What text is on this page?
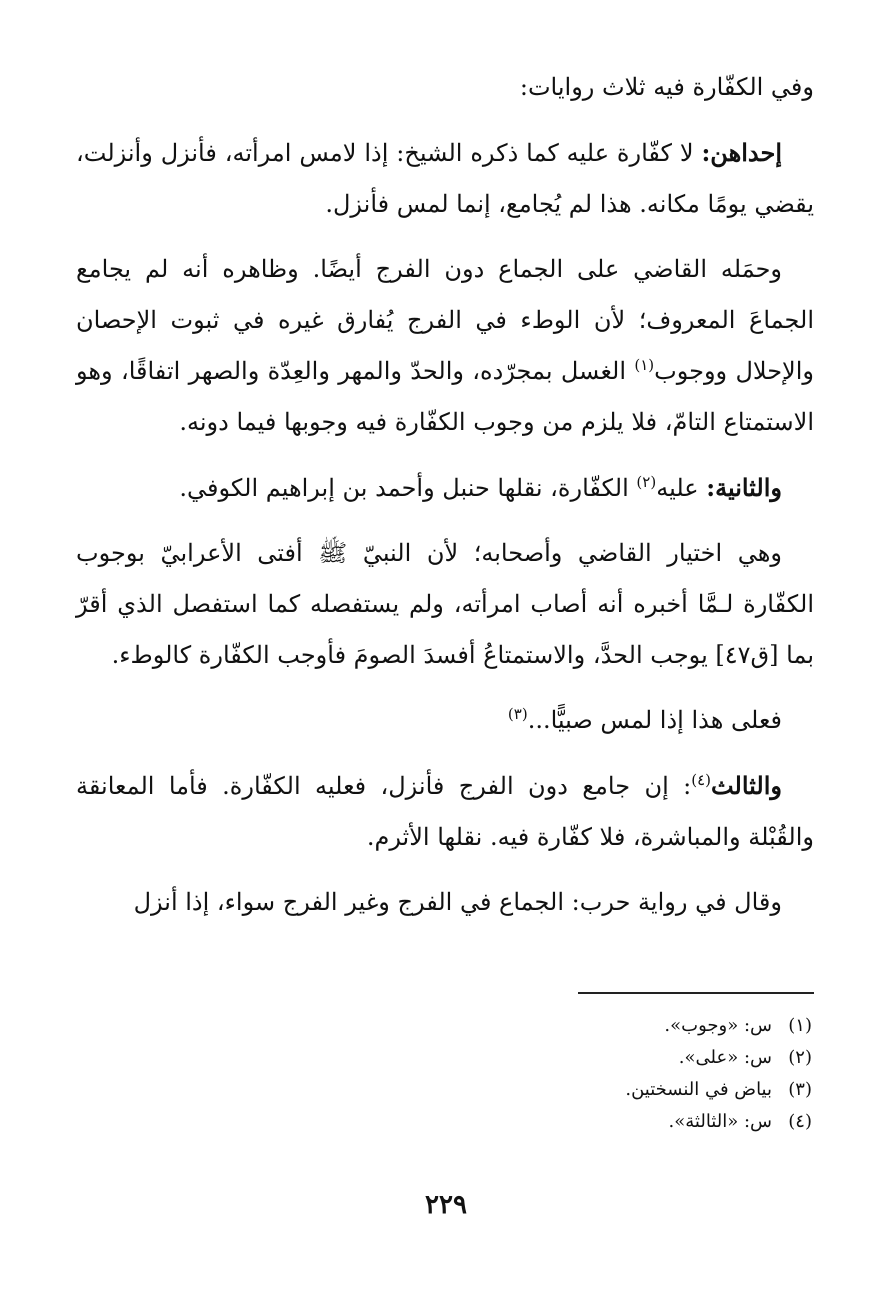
وفي الكفّارة فيه ثلاث روايات:

إحداهن: لا كفّارة عليه كما ذكره الشيخ: إذا لامس امرأته، فأنزل وأنزلت، يقضي يومًا مكانه. هذا لم يُجامع، إنما لمس فأنزل.

وحمَله القاضي على الجماع دون الفرج أيضًا. وظاهره أنه لم يجامع الجماعَ المعروف؛ لأن الوطء في الفرج يُفارق غيره في ثبوت الإحصان والإحلال ووجوب$^{(١)}$ الغسل بمجرّده، والحدّ والمهر والعِدّة والصهر اتفاقًا، وهو الاستمتاع التامّ، فلا يلزم من وجوب الكفّارة فيه وجوبها فيما دونه.

والثانية: عليه$^{(٢)}$ الكفّارة، نقلها حنبل وأحمد بن إبراهيم الكوفي.

وهي اختيار القاضي وأصحابه؛ لأن النبيّ ﷺ أفتى الأعرابيّ بوجوب الكفّارة لـمَّا أخبره أنه أصاب امرأته، ولم يستفصله كما استفصل الذي أقرّ بما [ق٤٧] يوجب الحدَّ، والاستمتاعُ أفسدَ الصومَ فأوجب الكفّارة كالوطء.

فعلى هذا إذا لمس صبيًّا...$^{(٣)}$

والثالث$^{(٤)}$: إن جامع دون الفرج فأنزل، فعليه الكفّارة. فأما المعانقة والقُبْلة والمباشرة، فلا كفّارة فيه. نقلها الأثرم.

وقال في رواية حرب: الجماع في الفرج وغير الفرج سواء، إذا أنزل

(١)س: «وجوب».
(٢)س: «على».
(٣)بياض في النسختين.
(٤)س: «الثالثة».
٢٢٩
